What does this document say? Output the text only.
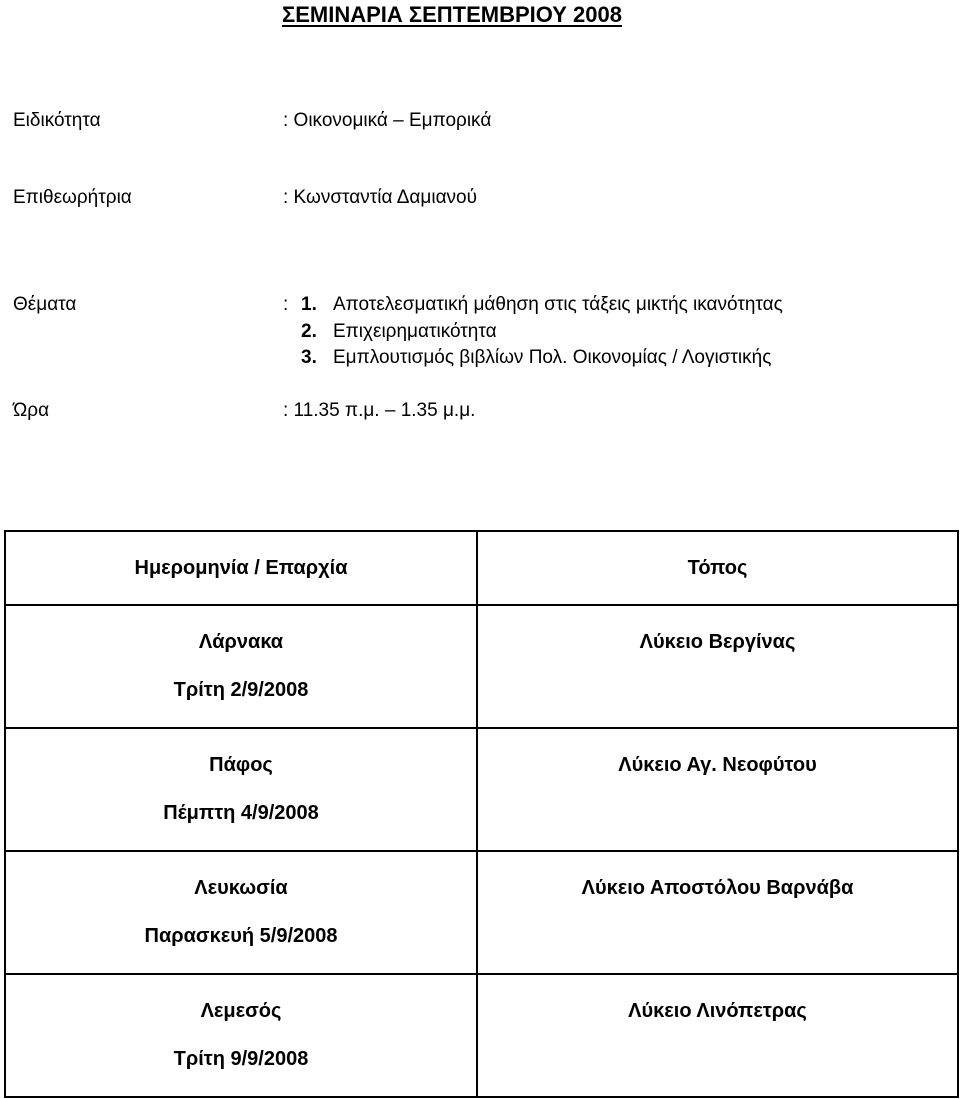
ΣΕΜΙΝΑΡΙΑ ΣΕΠΤΕΜΒΡΙΟΥ 2008
Ειδικότητα	: Οικονομικά – Εμπορικά
Επιθεωρήτρια	: Κωνσταντία Δαμιανού
Θέματα	: 1. Αποτελεσματική μάθηση στις τάξεις μικτής ικανότητας
2. Επιχειρηματικότητα
3. Εμπλουτισμός βιβλίων Πολ. Οικονομίας / Λογιστικής
Ώρα	: 11.35 π.μ. – 1.35 μ.μ.
Ημερομηνία / Επαρχία	Τόπος

Λάρνακα
Τρίτη 2/9/2008	Λύκειο Βεργίνας

Πάφος
Πέμπτη 4/9/2008	Λύκειο Αγ. Νεοφύτου

Λευκωσία
Παρασκευή 5/9/2008	Λύκειο Αποστόλου Βαρνάβα

Λεμεσός
Τρίτη 9/9/2008	Λύκειο Λινόπετρας
